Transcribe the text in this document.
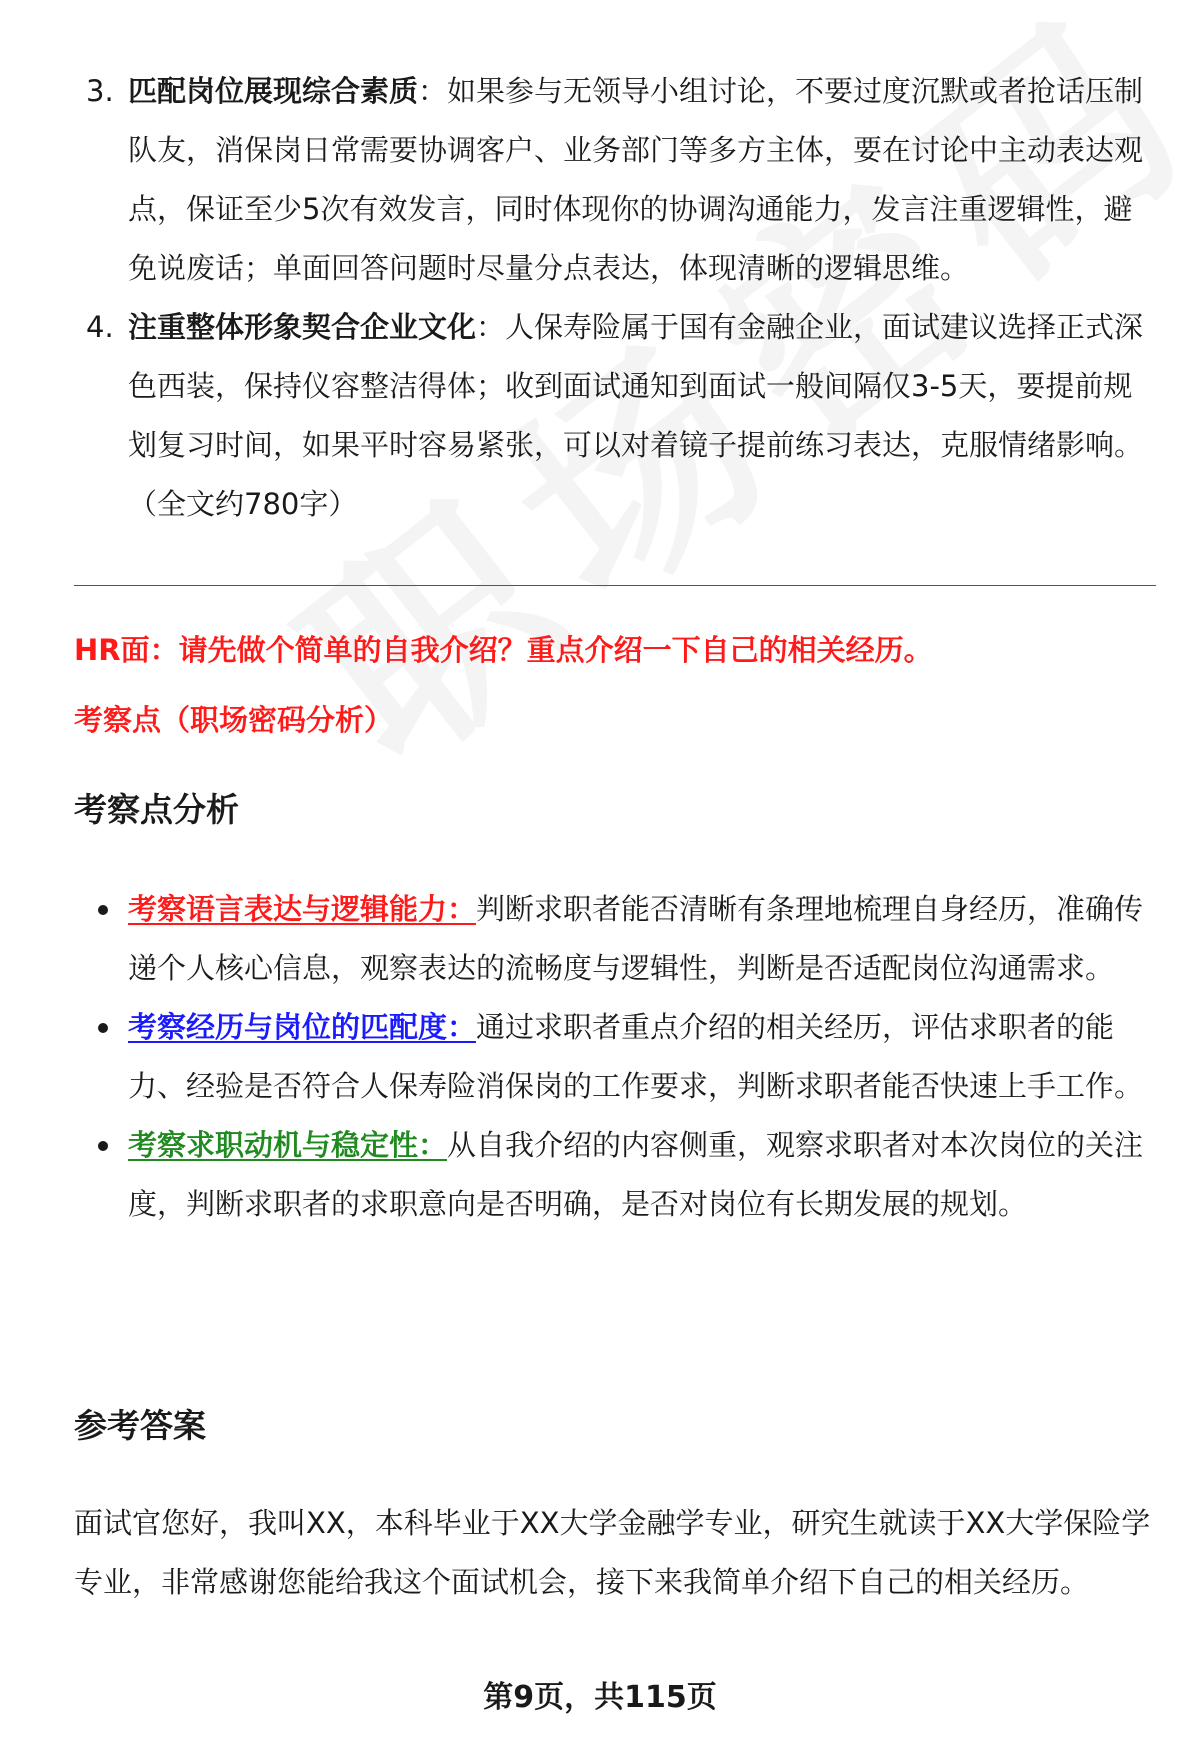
3. 匹配岗位展现综合素质：如果参与无领导小组讨论，不要过度沉默或者抢话压制队友，消保岗日常需要协调客户、业务部门等多方主体，要在讨论中主动表达观点，保证至少5次有效发言，同时体现你的协调沟通能力，发言注重逻辑性，避免说废话；单面回答问题时尽量分点表达，体现清晰的逻辑思维。
4. 注重整体形象契合企业文化：人保寿险属于国有金融企业，面试建议选择正式深色西装，保持仪容整洁得体；收到面试通知到面试一般间隔仅3-5天，要提前规划复习时间，如果平时容易紧张，可以对着镜子提前练习表达，克服情绪影响。（全文约780字）
HR面：请先做个简单的自我介绍？重点介绍一下自己的相关经历。
考察点（职场密码分析）
考察点分析
考察语言表达与逻辑能力：判断求职者能否清晰有条理地梳理自身经历，准确传递个人核心信息，观察表达的流畅度与逻辑性，判断是否适配岗位沟通需求。
考察经历与岗位的匹配度：通过求职者重点介绍的相关经历，评估求职者的能力、经验是否符合人保寿险消保岗的工作要求，判断求职者能否快速上手工作。
考察求职动机与稳定性：从自我介绍的内容侧重，观察求职者对本次岗位的关注度，判断求职者的求职意向是否明确，是否对岗位有长期发展的规划。
参考答案
面试官您好，我叫XX，本科毕业于XX大学金融学专业，研究生就读于XX大学保险学专业，非常感谢您能给我这个面试机会，接下来我简单介绍下自己的相关经历。
第9页，共115页
